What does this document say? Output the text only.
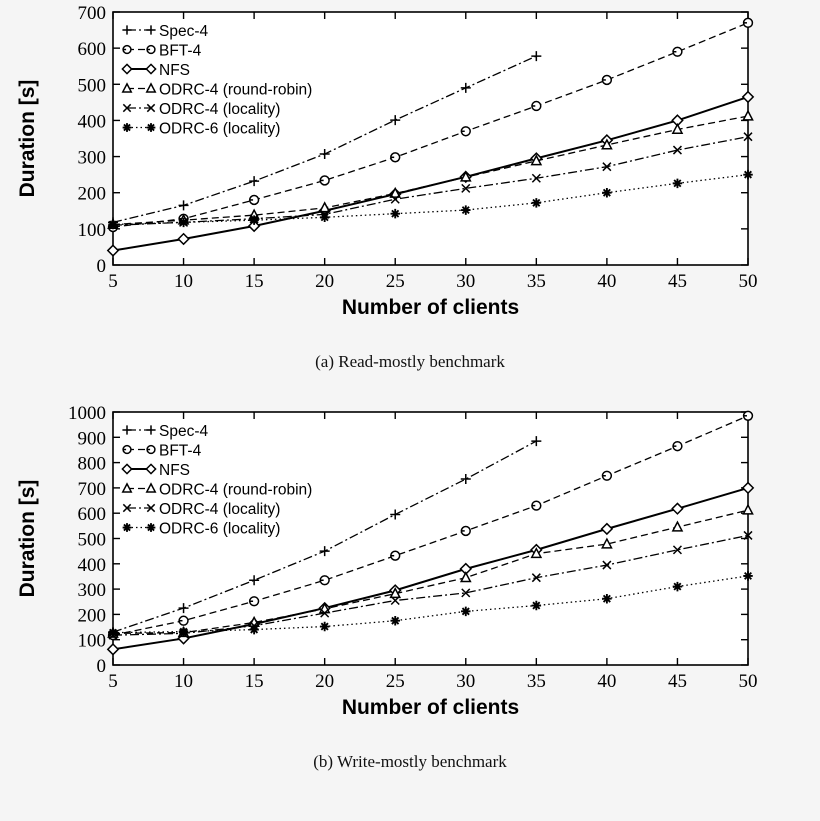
0
100
200
300
400
500
600
700
5	10	15	20	25	30	35	40	45	50
Number of clients
Duration [s]
Spec-4
BFT-4
NFS
ODRC-4 (round-robin)
ODRC-4 (locality)
ODRC-6 (locality)
(a) Read-mostly benchmark
0
100
200
300
400
500
600
700
800
900
1000
5	10	15	20	25	30	35	40	45	50
Number of clients
Duration [s]
Spec-4
BFT-4
NFS
ODRC-4 (round-robin)
ODRC-4 (locality)
ODRC-6 (locality)
(b) Write-mostly benchmark
